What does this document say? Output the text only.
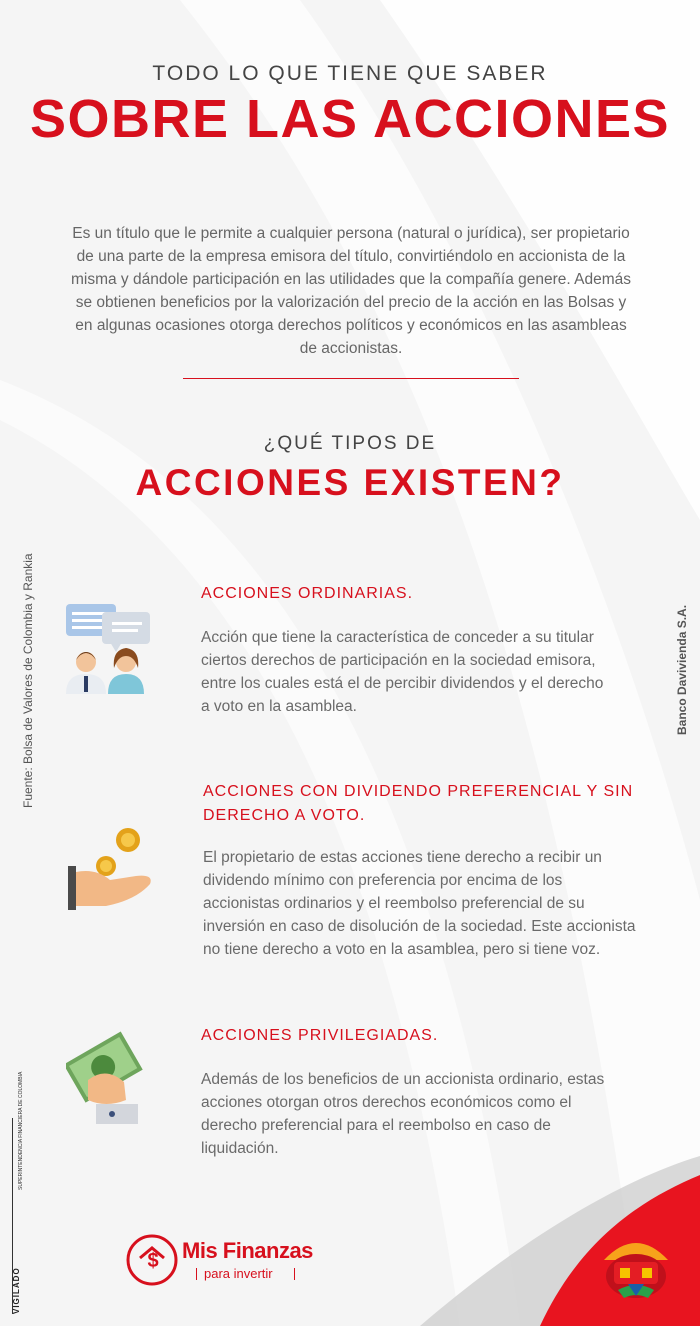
TODO LO QUE TIENE QUE SABER
SOBRE LAS ACCIONES
Es un título que le permite a cualquier persona (natural o jurídica), ser propietario de una parte de la empresa emisora del título, convirtiéndolo en accionista de la misma y dándole participación en las utilidades que la compañía genere. Además se obtienen beneficios por la valorización del precio de la acción en las Bolsas y en algunas ocasiones otorga derechos políticos y económicos en las asambleas de accionistas.
¿QUÉ TIPOS DE
ACCIONES EXISTEN?
ACCIONES ORDINARIAS.
Acción que tiene la característica de conceder a su titular ciertos derechos de participación en la sociedad emisora, entre los cuales está el de percibir dividendos y el derecho a voto en la asamblea.
ACCIONES CON DIVIDENDO PREFERENCIAL Y SIN DERECHO A VOTO.
El propietario de estas acciones tiene derecho a recibir un dividendo mínimo con preferencia por encima de los accionistas ordinarios y el reembolso preferencial de su inversión en caso de disolución de la sociedad. Este accionista no tiene derecho a voto en la asamblea, pero si tiene voz.
ACCIONES PRIVILEGIADAS.
Además de los beneficios de un accionista ordinario, estas acciones otorgan otros derechos económicos como el derecho preferencial para el reembolso en caso de liquidación.
Fuente: Bolsa de Valores de Colombia y Rankia	Banco Davivienda S.A.
VIGILADO
SUPERINTENDENCIA FINANCIERA DE COLOMBIA
$ Mis Finanzas
para invertir
